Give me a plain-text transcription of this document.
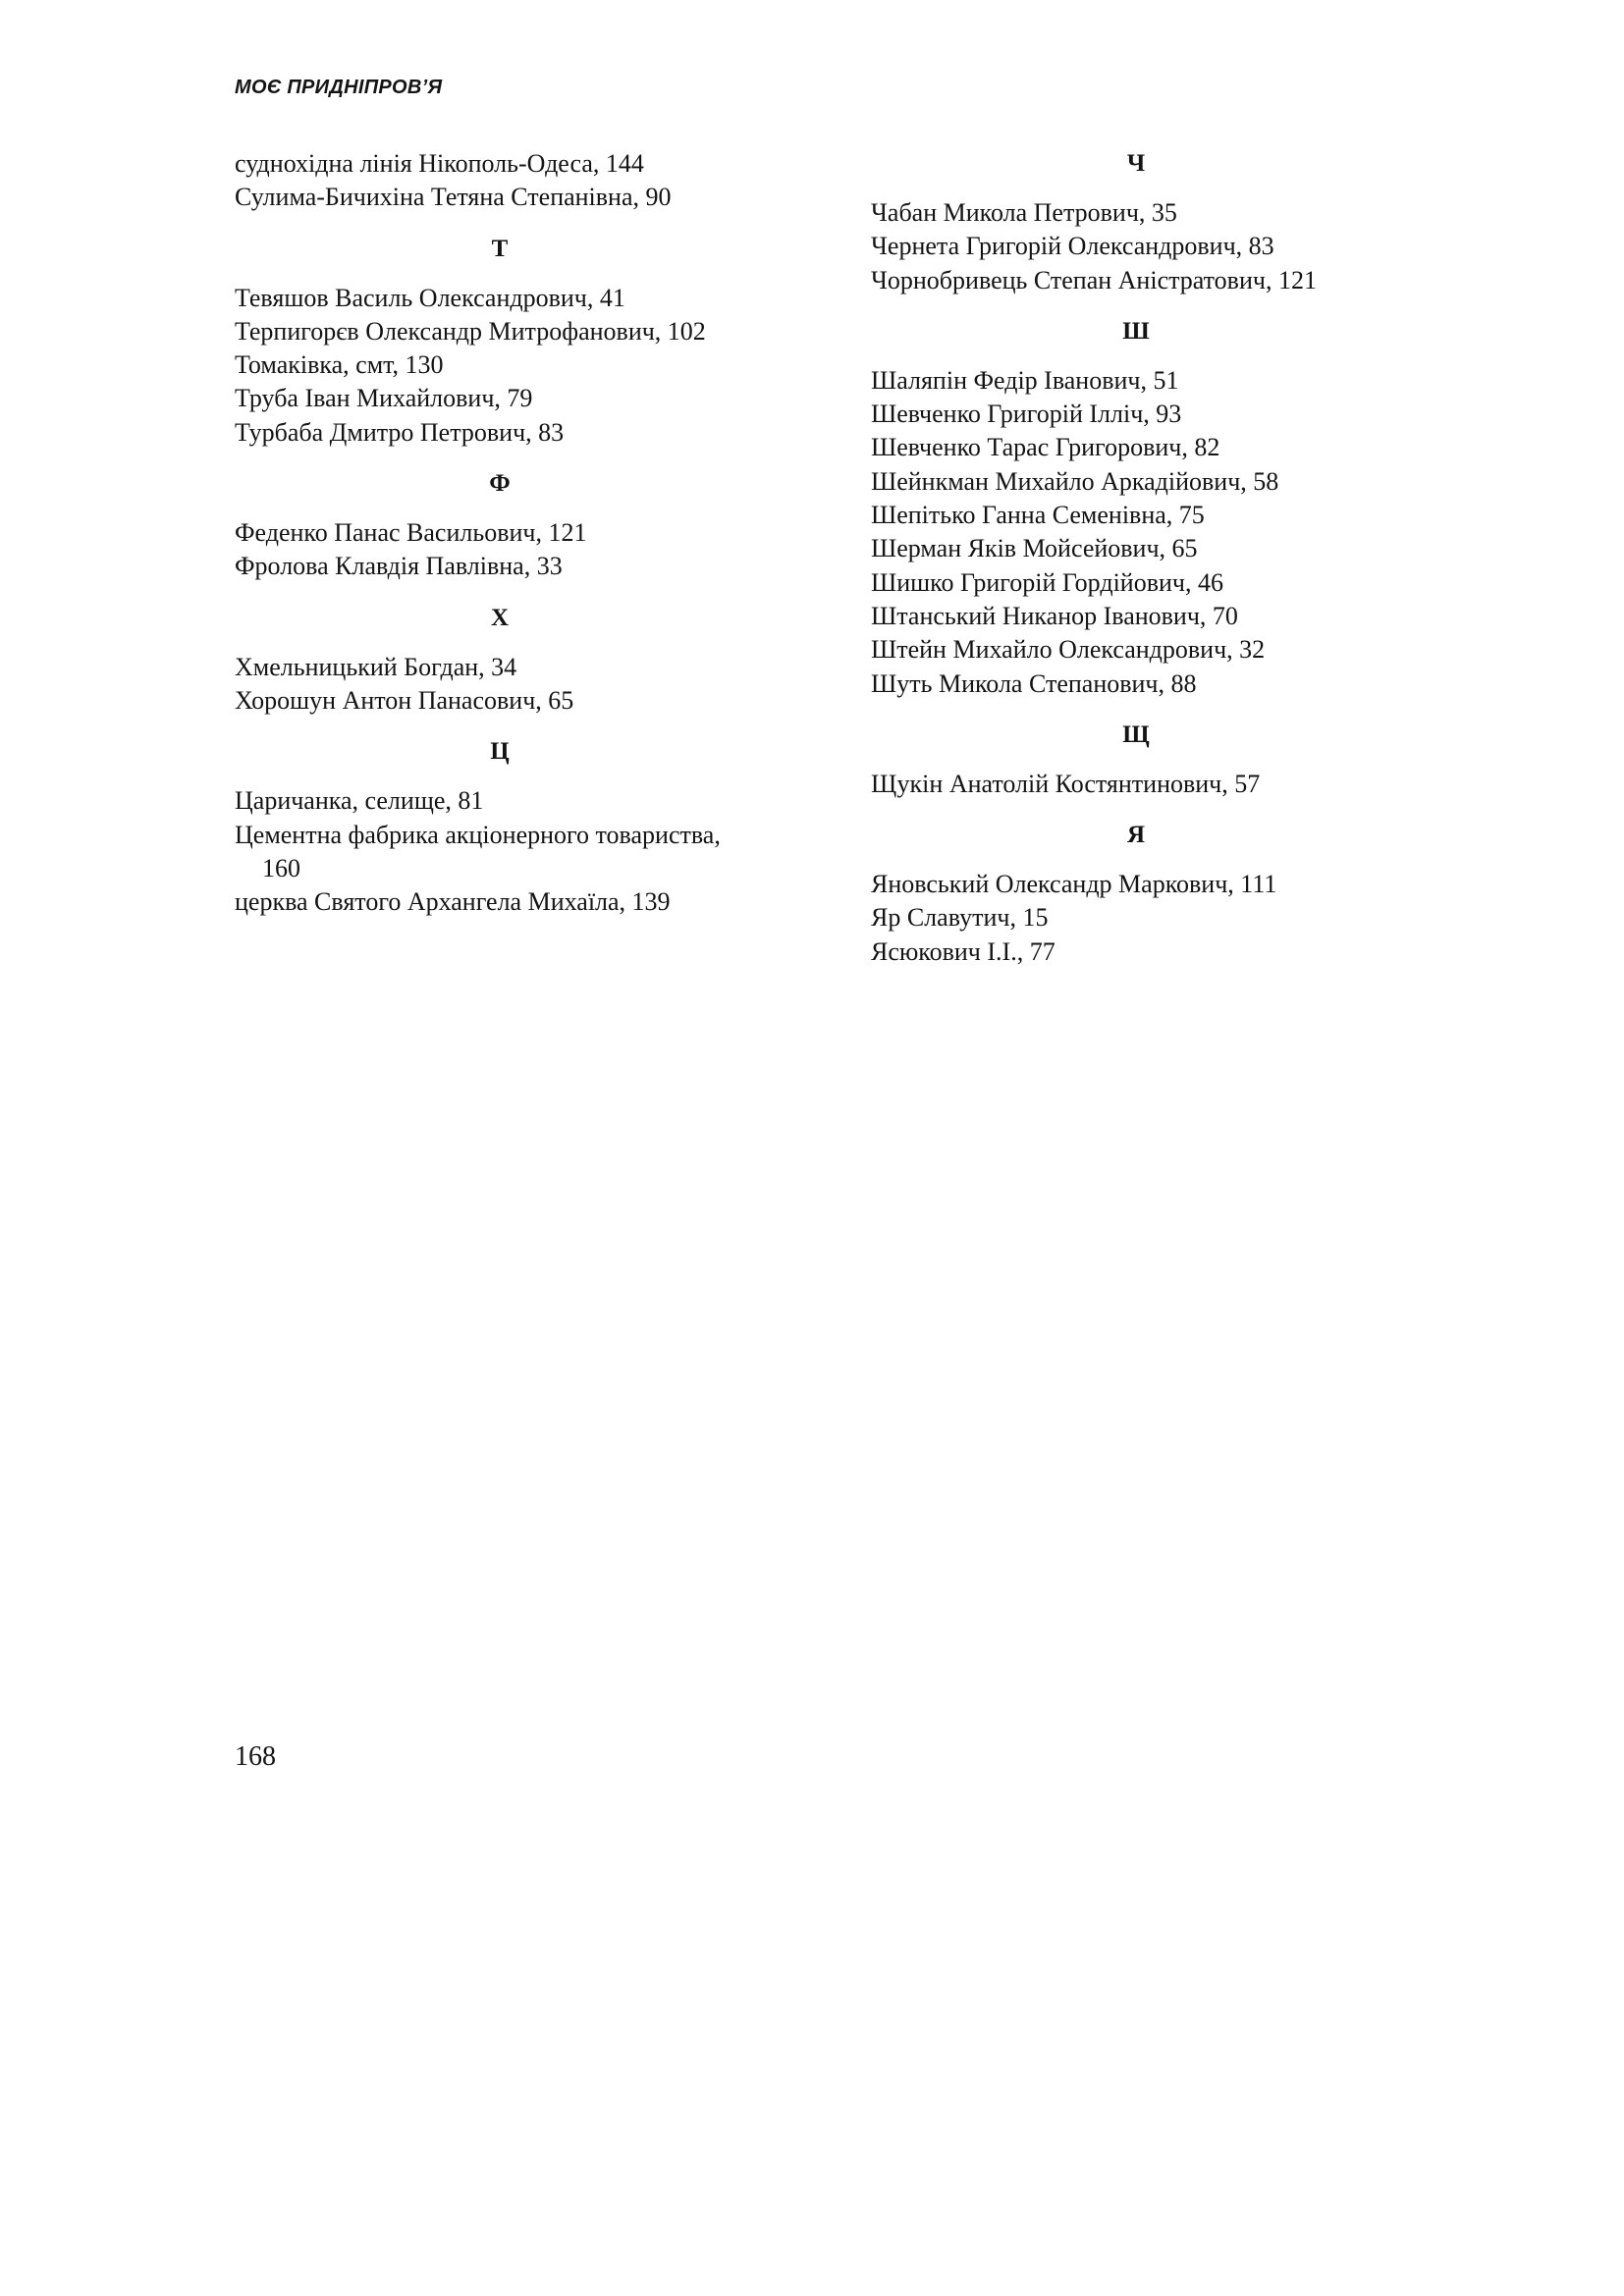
МОЄ ПРИДНІПРОВ’Я

суднохідна лінія Нікополь-Одеса, 144

Сулима-Бичихіна Тетяна Степанівна, 90

Т

Тевяшов Василь Олександрович, 41

Терпигорєв Олександр Митрофанович, 102

Томаківка, смт, 130

Труба Іван Михайлович, 79

Турбаба Дмитро Петрович, 83

Ф

Феденко Панас Васильович, 121

Фролова Клавдія Павлівна, 33

Х

Хмельницький Богдан, 34

Хорошун Антон Панасович, 65

Ц

Царичанка, селище, 81

Цементна фабрика акціонерного товариства, 160

церква Святого Архангела Михаїла, 139

Ч

Чабан Микола Петрович, 35

Чернета Григорій Олександрович, 83

Чорнобривець Степан Аністратович, 121

Ш

Шаляпін Федір Іванович, 51

Шевченко Григорій Ілліч, 93

Шевченко Тарас Григорович, 82

Шейнкман Михайло Аркадійович, 58

Шепітько Ганна Семенівна, 75

Шерман Яків Мойсейович, 65

Шишко Григорій Гордійович, 46

Штанський Никанор Іванович, 70

Штейн Михайло Олександрович, 32

Шуть Микола Степанович, 88

Щ

Щукін Анатолій Костянтинович, 57

Я

Яновський Олександр Маркович, 111

Яр Славутич, 15

Ясюкович І.І., 77

168
